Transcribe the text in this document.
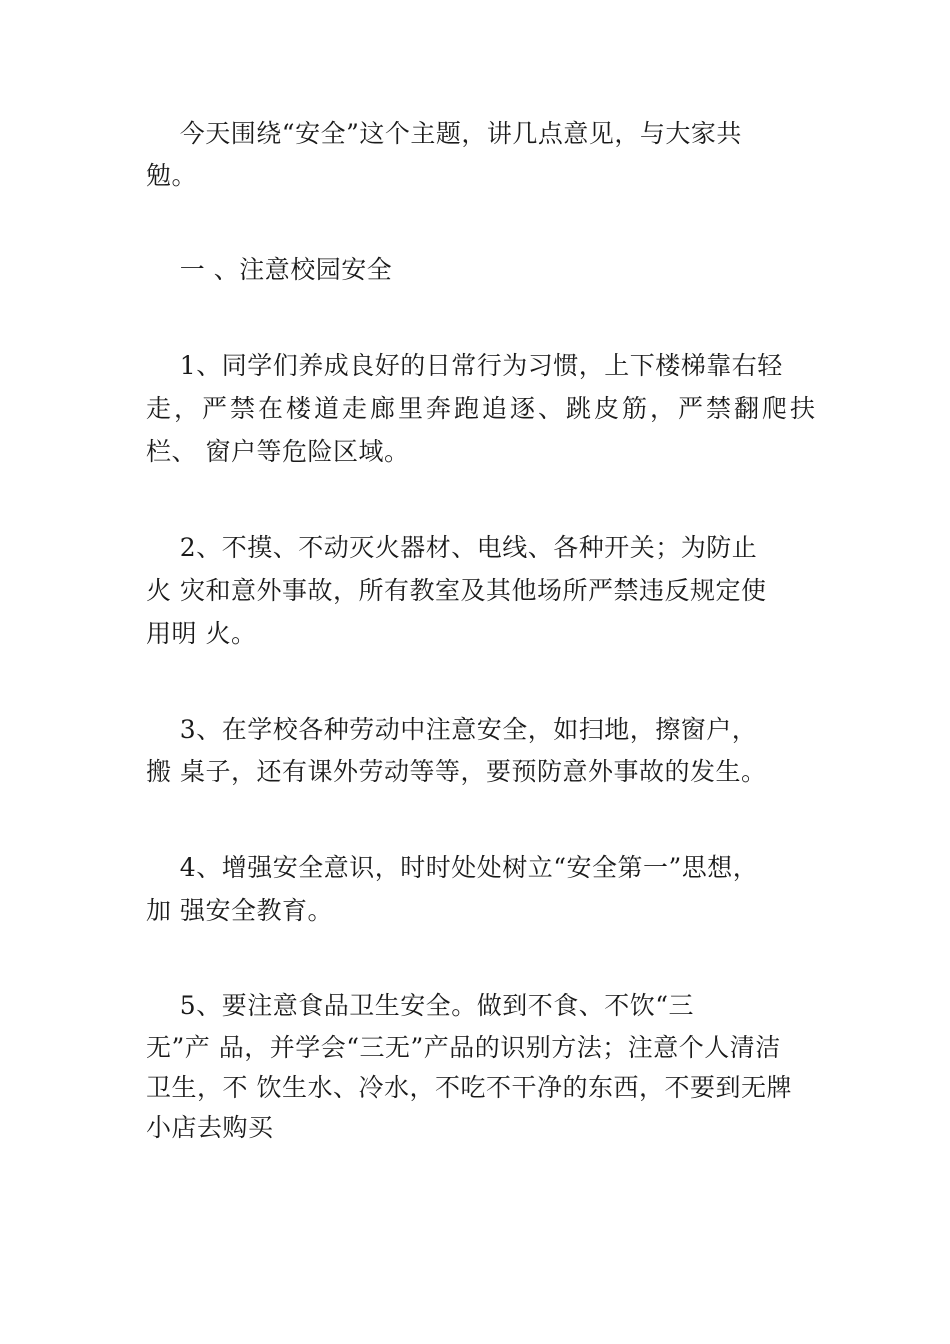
今天围绕“安全”这个主题，讲几点意见，与大家共
勉。
一 、注意校园安全
1、同学们养成良好的日常行为习惯，上下楼梯靠右轻
走，严禁在楼道走廊里奔跑追逐、跳皮筋，严禁翻爬扶
栏、 窗户等危险区域。
2、不摸、不动灭火器材、电线、各种开关；为防止
火 灾和意外事故，所有教室及其他场所严禁违反规定使
用明 火。
3、在学校各种劳动中注意安全，如扫地，擦窗户，
搬 桌子，还有课外劳动等等，要预防意外事故的发生。
4、增强安全意识，时时处处树立“安全第一”思想，
加 强安全教育。
5、要注意食品卫生安全。做到不食、不饮“三
无”产 品，并学会“三无”产品的识别方法；注意个人清洁
卫生，不 饮生水、冷水，不吃不干净的东西，不要到无牌
小店去购买
